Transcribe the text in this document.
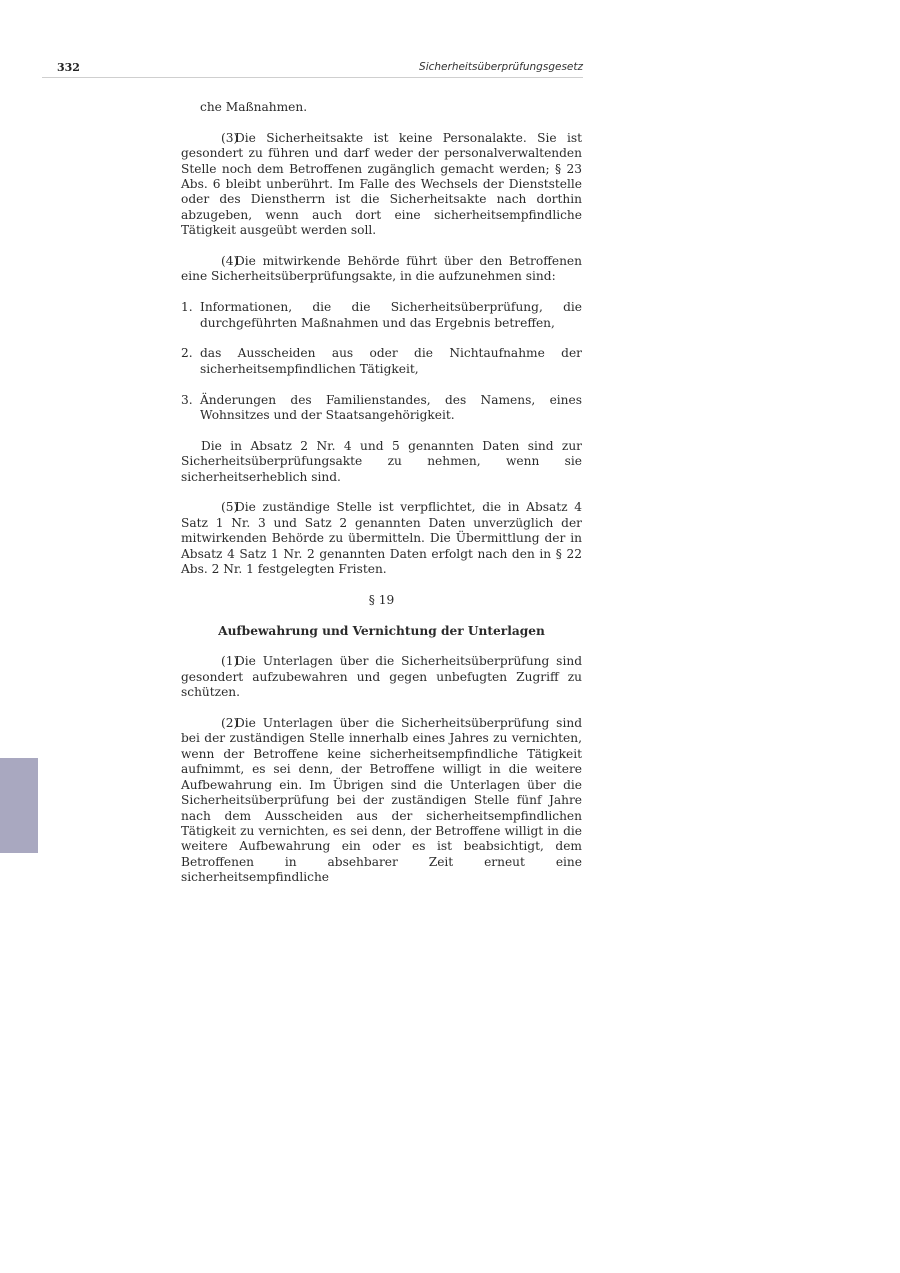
332	Sicherheitsüberprüfungsgesetz

che Maßnahmen.

(3)Die Sicherheitsakte ist keine Personalakte. Sie ist gesondert zu führen und darf weder der personalverwaltenden Stelle noch dem Betroffenen zugänglich gemacht werden; § 23 Abs. 6 bleibt unberührt. Im Falle des Wechsels der Dienststelle oder des Dienstherrn ist die Sicherheitsakte nach dorthin abzugeben, wenn auch dort eine sicherheitsempfindliche Tätigkeit ausgeübt werden soll.

(4)Die mitwirkende Behörde führt über den Betroffenen eine Sicherheitsüberprüfungsakte, in die aufzunehmen sind:

1. Informationen, die die Sicherheitsüberprüfung, die durchgeführten Maßnahmen und das Ergebnis betreffen,
2. das Ausscheiden aus oder die Nichtaufnahme der sicherheitsempfindlichen Tätigkeit,
3. Änderungen des Familienstandes, des Namens, eines Wohnsitzes und der Staatsangehörigkeit.

Die in Absatz 2 Nr. 4 und 5 genannten Daten sind zur Sicherheitsüberprüfungsakte zu nehmen, wenn sie sicherheitserheblich sind.

(5)Die zuständige Stelle ist verpflichtet, die in Absatz 4 Satz 1 Nr. 3 und Satz 2 genannten Daten unverzüglich der mitwirkenden Behörde zu übermitteln. Die Übermittlung der in Absatz 4 Satz 1 Nr. 2 genannten Daten erfolgt nach den in § 22 Abs. 2 Nr. 1 festgelegten Fristen.

§ 19

Aufbewahrung und Vernichtung der Unterlagen

(1)Die Unterlagen über die Sicherheitsüberprüfung sind gesondert aufzubewahren und gegen unbefugten Zugriff zu schützen.

(2)Die Unterlagen über die Sicherheitsüberprüfung sind bei der zuständigen Stelle innerhalb eines Jahres zu vernichten, wenn der Betroffene keine sicherheitsempfindliche Tätigkeit aufnimmt, es sei denn, der Betroffene willigt in die weitere Aufbewahrung ein. Im Übrigen sind die Unterlagen über die Sicherheitsüberprüfung bei der zuständigen Stelle fünf Jahre nach dem Ausscheiden aus der sicherheitsempfindlichen Tätigkeit zu vernichten, es sei denn, der Betroffene willigt in die weitere Aufbewahrung ein oder es ist beabsichtigt, dem Betroffenen in absehbarer Zeit erneut eine sicherheitsempfindliche
